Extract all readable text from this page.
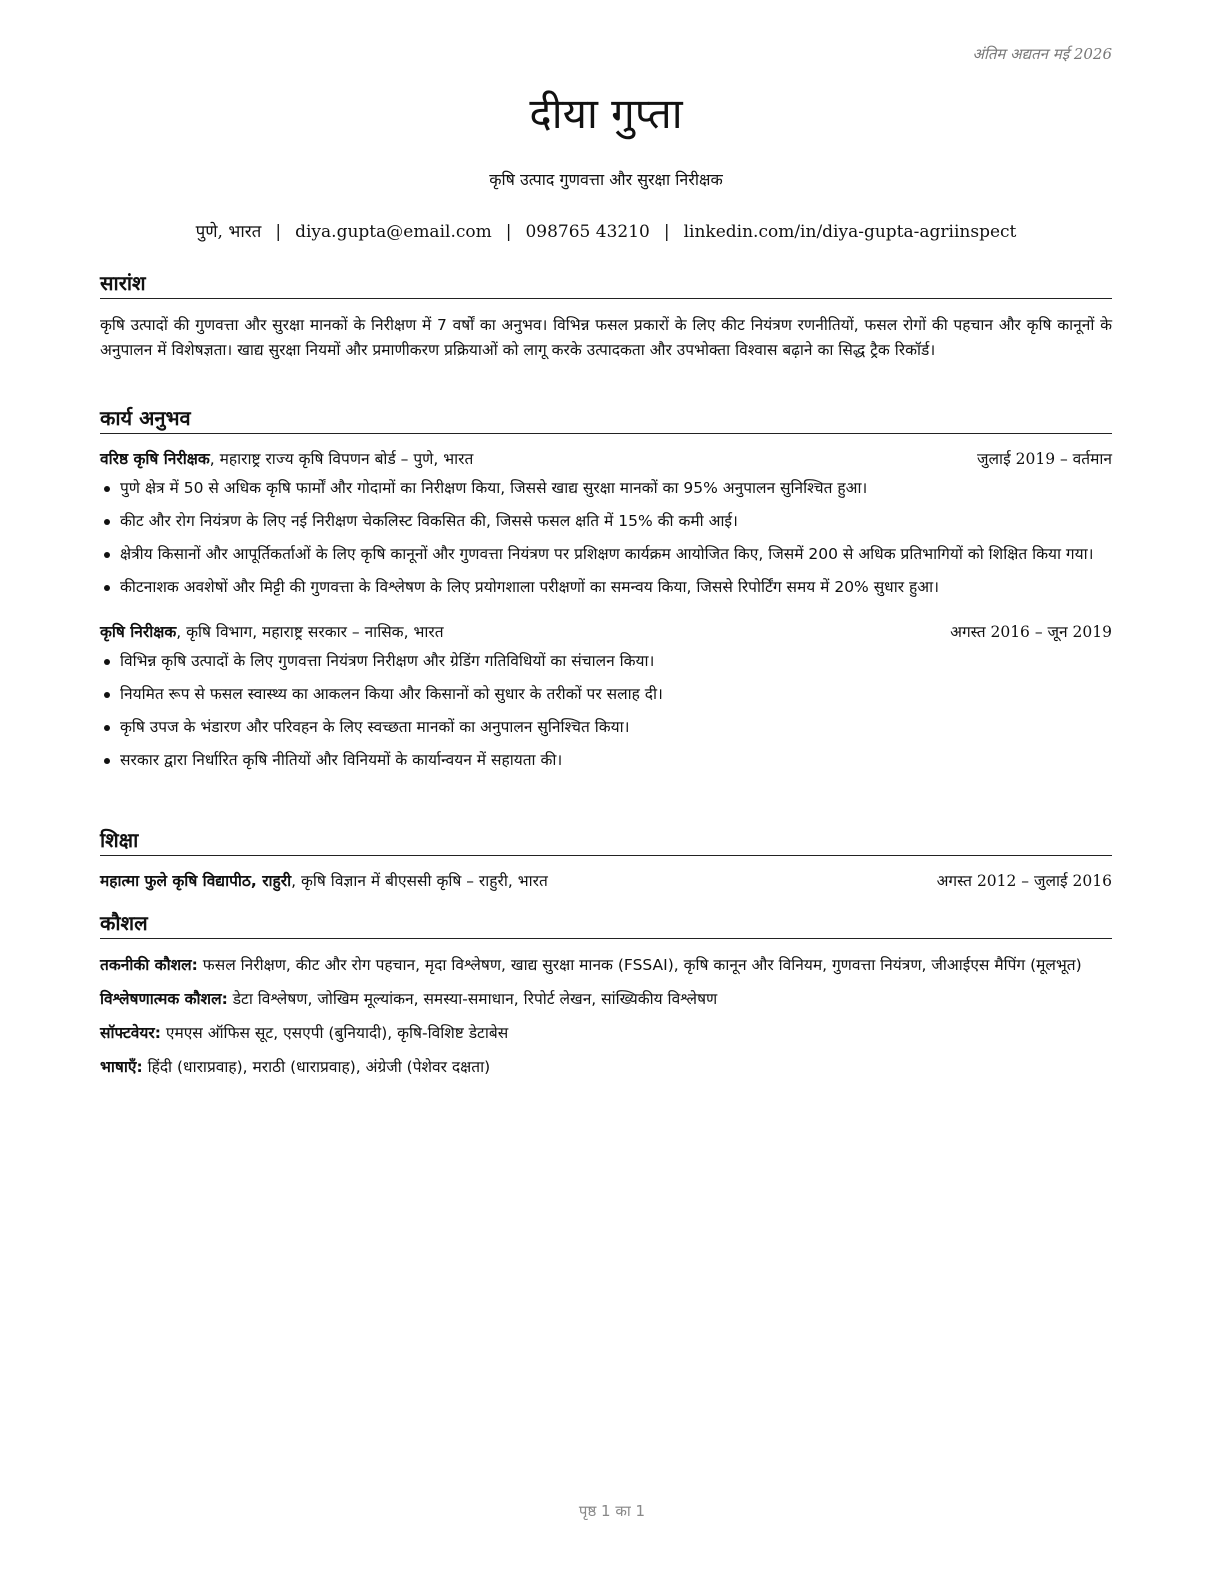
अंतिम अद्यतन मई 2026
दीया गुप्ता
कृषि उत्पाद गुणवत्ता और सुरक्षा निरीक्षक
पुणे, भारत | diya.gupta@email.com | 098765 43210 | linkedin.com/in/diya-gupta-agriinspect
सारांश
कृषि उत्पादों की गुणवत्ता और सुरक्षा मानकों के निरीक्षण में 7 वर्षों का अनुभव। विभिन्न फसल प्रकारों के लिए कीट नियंत्रण रणनीतियों, फसल रोगों की पहचान और कृषि कानूनों के अनुपालन में विशेषज्ञता। खाद्य सुरक्षा नियमों और प्रमाणीकरण प्रक्रियाओं को लागू करके उत्पादकता और उपभोक्ता विश्वास बढ़ाने का सिद्ध ट्रैक रिकॉर्ड।
कार्य अनुभव
वरिष्ठ कृषि निरीक्षक, महाराष्ट्र राज्य कृषि विपणन बोर्ड – पुणे, भारत	जुलाई 2019 – वर्तमान
पुणे क्षेत्र में 50 से अधिक कृषि फार्मों और गोदामों का निरीक्षण किया, जिससे खाद्य सुरक्षा मानकों का 95% अनुपालन सुनिश्चित हुआ।
कीट और रोग नियंत्रण के लिए नई निरीक्षण चेकलिस्ट विकसित की, जिससे फसल क्षति में 15% की कमी आई।
क्षेत्रीय किसानों और आपूर्तिकर्ताओं के लिए कृषि कानूनों और गुणवत्ता नियंत्रण पर प्रशिक्षण कार्यक्रम आयोजित किए, जिसमें 200 से अधिक प्रतिभागियों को शिक्षित किया गया।
कीटनाशक अवशेषों और मिट्टी की गुणवत्ता के विश्लेषण के लिए प्रयोगशाला परीक्षणों का समन्वय किया, जिससे रिपोर्टिंग समय में 20% सुधार हुआ।
कृषि निरीक्षक, कृषि विभाग, महाराष्ट्र सरकार – नासिक, भारत	अगस्त 2016 – जून 2019
विभिन्न कृषि उत्पादों के लिए गुणवत्ता नियंत्रण निरीक्षण और ग्रेडिंग गतिविधियों का संचालन किया।
नियमित रूप से फसल स्वास्थ्य का आकलन किया और किसानों को सुधार के तरीकों पर सलाह दी।
कृषि उपज के भंडारण और परिवहन के लिए स्वच्छता मानकों का अनुपालन सुनिश्चित किया।
सरकार द्वारा निर्धारित कृषि नीतियों और विनियमों के कार्यान्वयन में सहायता की।
शिक्षा
महात्मा फुले कृषि विद्यापीठ, राहुरी, कृषि विज्ञान में बीएससी कृषि – राहुरी, भारत	अगस्त 2012 – जुलाई 2016
कौशल
तकनीकी कौशल: फसल निरीक्षण, कीट और रोग पहचान, मृदा विश्लेषण, खाद्य सुरक्षा मानक (FSSAI), कृषि कानून और विनियम, गुणवत्ता नियंत्रण, जीआईएस मैपिंग (मूलभूत)
विश्लेषणात्मक कौशल: डेटा विश्लेषण, जोखिम मूल्यांकन, समस्या-समाधान, रिपोर्ट लेखन, सांख्यिकीय विश्लेषण
सॉफ्टवेयर: एमएस ऑफिस सूट, एसएपी (बुनियादी), कृषि-विशिष्ट डेटाबेस
भाषाएँ: हिंदी (धाराप्रवाह), मराठी (धाराप्रवाह), अंग्रेजी (पेशेवर दक्षता)
पृष्ठ 1 का 1
